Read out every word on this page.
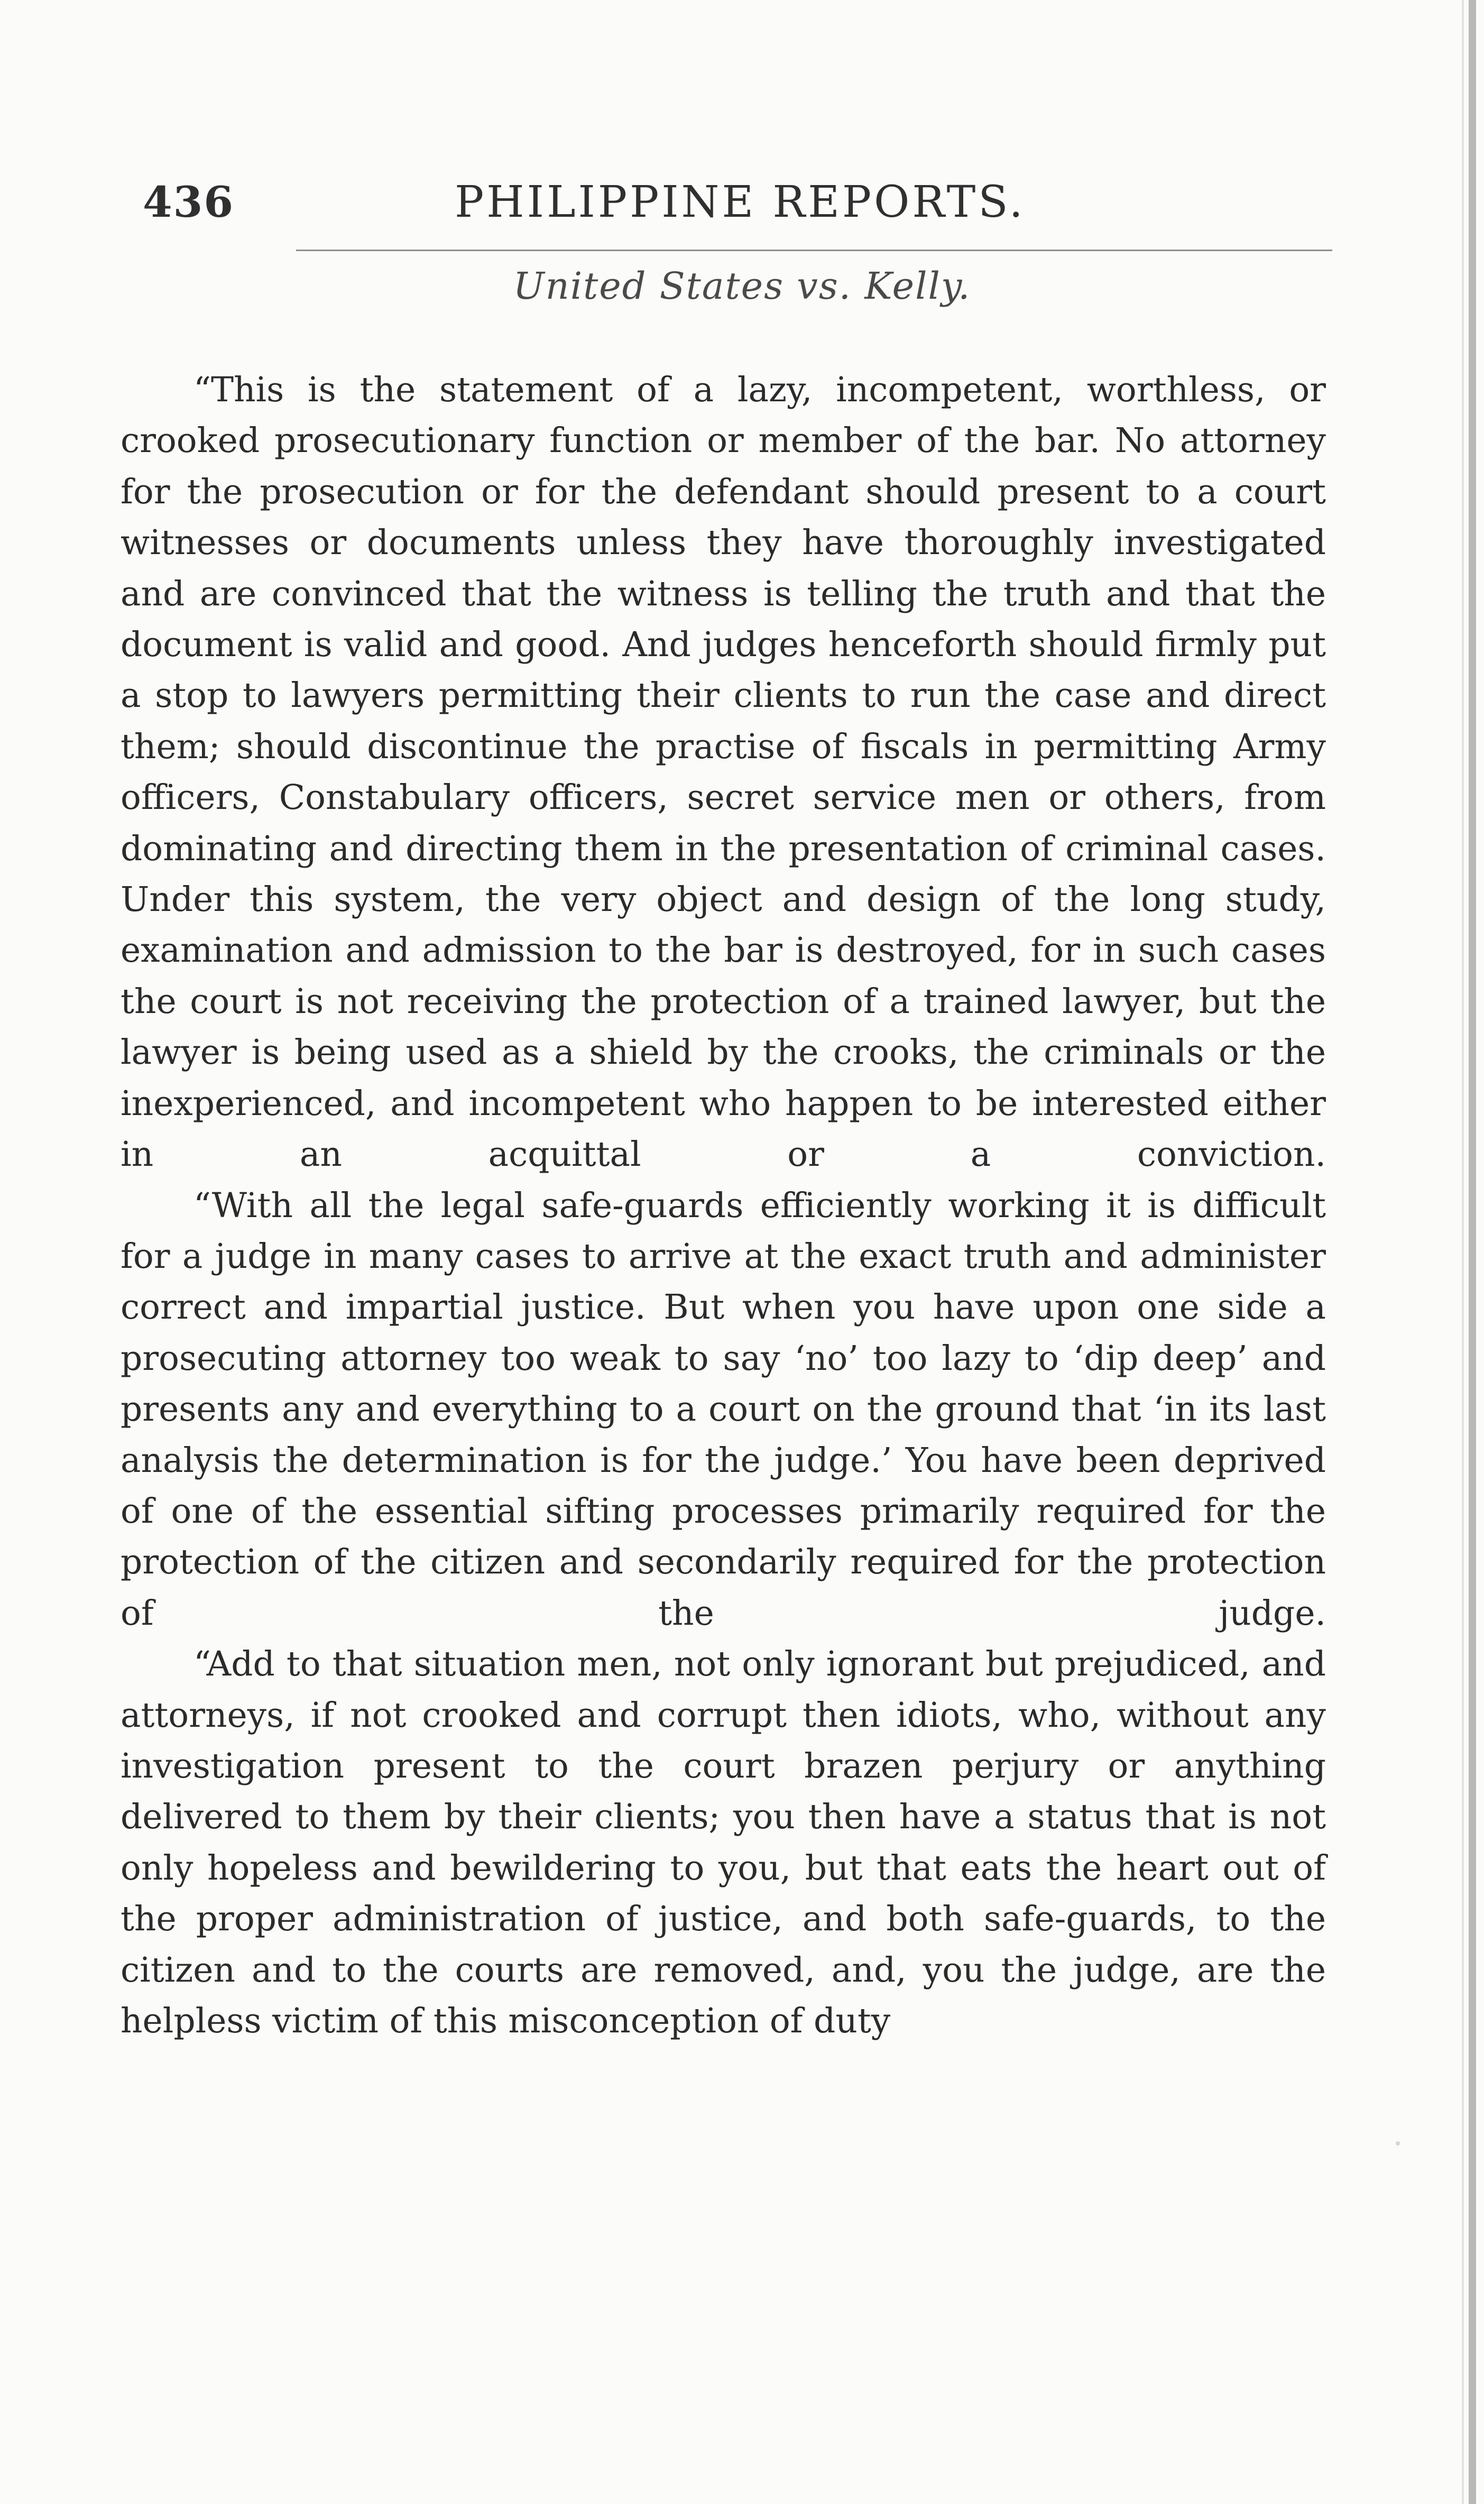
436	PHILIPPINE REPORTS.
United States vs. Kelly.

“This is the statement of a lazy, incompetent, worthless, or crooked prosecutionary function or member of the bar. No attorney for the prosecution or for the defendant should present to a court witnesses or documents unless they have thoroughly investigated and are convinced that the witness is telling the truth and that the document is valid and good. And judges henceforth should firmly put a stop to lawyers permitting their clients to run the case and direct them; should discontinue the practise of fiscals in permitting Army officers, Constabulary officers, secret service men or others, from dominating and directing them in the presentation of criminal cases. Under this system, the very object and design of the long study, examination and admission to the bar is destroyed, for in such cases the court is not receiving the protection of a trained lawyer, but the lawyer is being used as a shield by the crooks, the criminals or the inexperienced, and incompetent who happen to be interested either in an acquittal or a conviction.

“With all the legal safe-guards efficiently working it is difficult for a judge in many cases to arrive at the exact truth and administer correct and impartial justice. But when you have upon one side a prosecuting attorney too weak to say ‘no’ too lazy to ‘dip deep’ and presents any and everything to a court on the ground that ‘in its last analysis the determination is for the judge.’ You have been deprived of one of the essential sifting processes primarily required for the protection of the citizen and secondarily required for the protection of the judge.

“Add to that situation men, not only ignorant but prejudiced, and attorneys, if not crooked and corrupt then idiots, who, without any investigation present to the court brazen perjury or anything delivered to them by their clients; you then have a status that is not only hopeless and bewildering to you, but that eats the heart out of the proper administration of justice, and both safe-guards, to the citizen and to the courts are removed, and, you the judge, are the helpless victim of this misconception of duty
